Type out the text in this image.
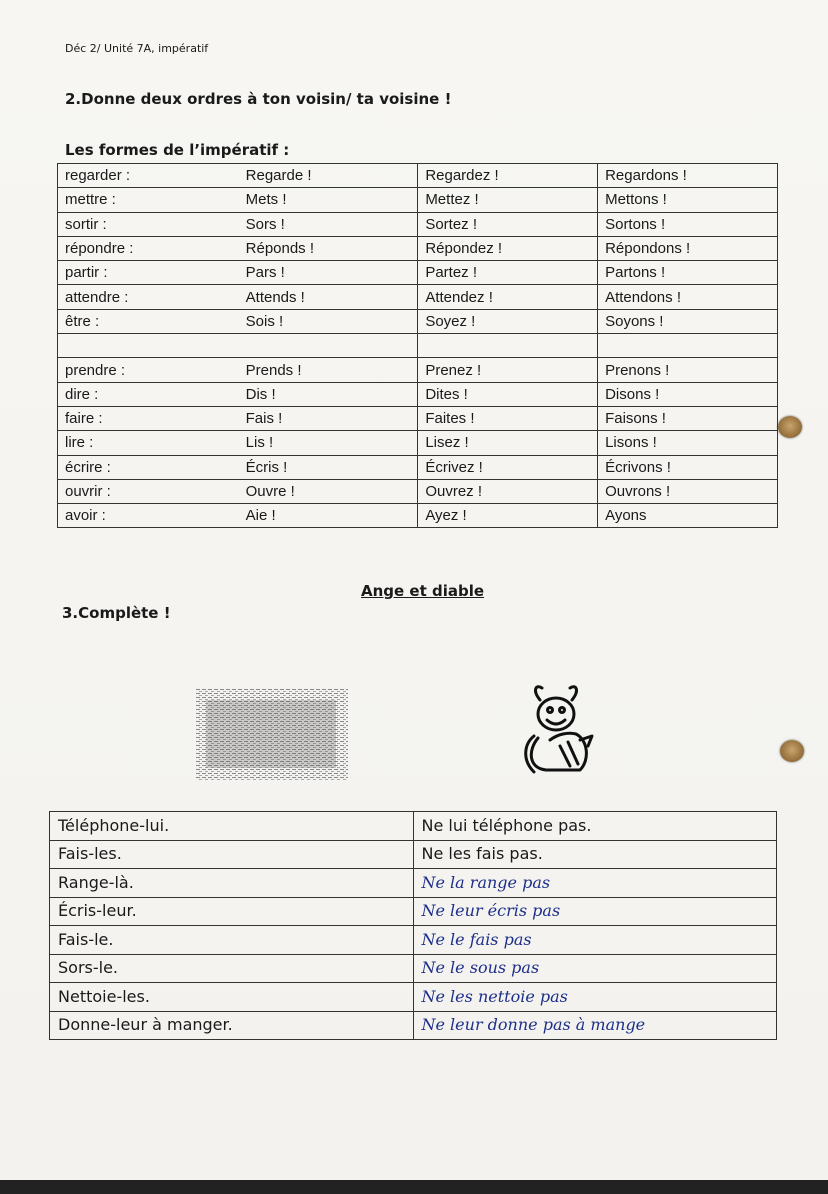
Déc 2/ Unité 7A, impératif
2.Donne deux ordres à ton voisin/ ta voisine !
Les formes de l’impératif :
regarder :	Regarde !	Regardez !	Regardons !
mettre :	Mets !	Mettez !	Mettons !
sortir :	Sors !	Sortez !	Sortons !
répondre :	Réponds !	Répondez !	Répondons !
partir :	Pars !	Partez !	Partons !
attendre :	Attends !	Attendez !	Attendons !
être :	Sois !	Soyez !	Soyons !

prendre :	Prends !	Prenez !	Prenons !
dire :	Dis !	Dites !	Disons !
faire :	Fais !	Faites !	Faisons !
lire :	Lis !	Lisez !	Lisons !
écrire :	Écris !	Écrivez !	Écrivons !
ouvrir :	Ouvre !	Ouvrez !	Ouvrons !
avoir :	Aie !	Ayez !	Ayons
Ange et diable
3.Complète !
Téléphone-lui.	Ne lui téléphone pas.
Fais-les.	Ne les fais pas.
Range-là.	Ne la range pas
Écris-leur.	Ne leur écris pas
Fais-le.	Ne le fais pas
Sors-le.	Ne le sous pas
Nettoie-les.	Ne les nettoie pas
Donne-leur à manger.	Ne leur donne pas à mange
